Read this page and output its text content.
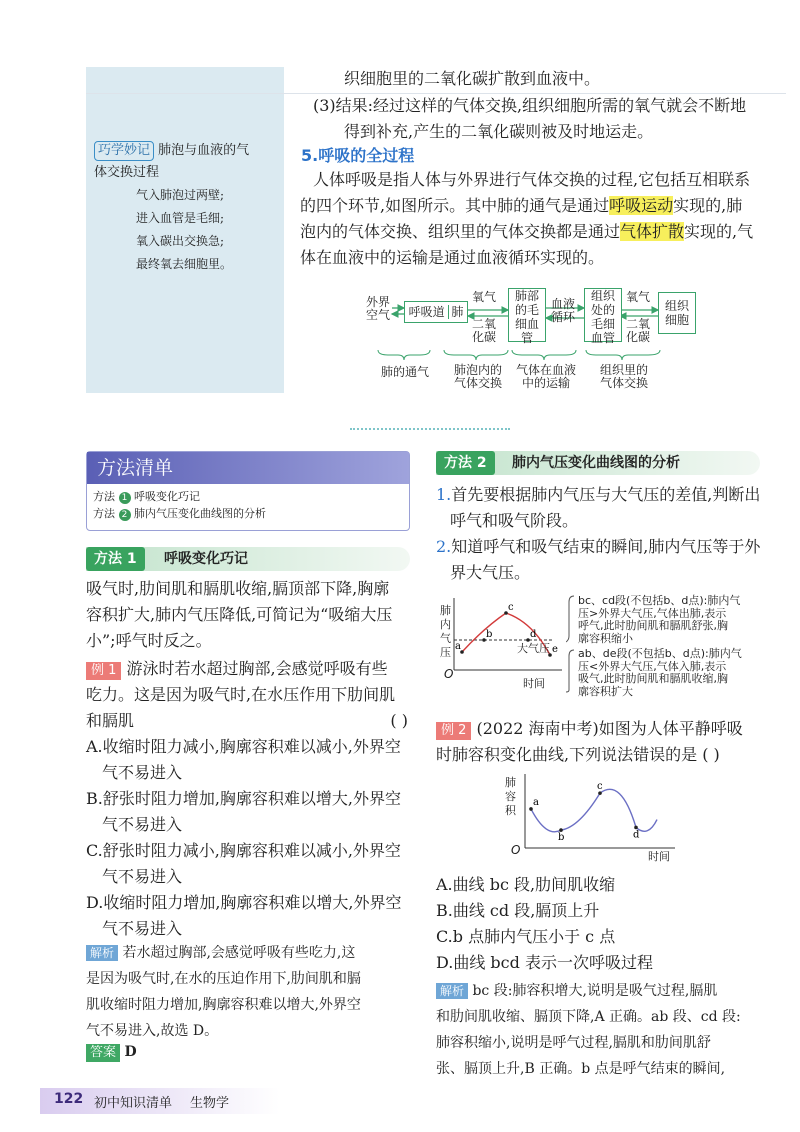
织细胞里的二氧化碳扩散到血液中。
(3)结果:经过这样的气体交换,组织细胞所需的氧气就会不断地
得到补充,产生的二氧化碳则被及时地运走。
巧学妙记 肺泡与血液的气
体交换过程
气入肺泡过两壁;
进入血管是毛细;
氧入碳出交换急;
最终氧去细胞里。
5.呼吸的全过程
人体呼吸是指人体与外界进行气体交换的过程,它包括互相联系
的四个环节,如图所示。其中肺的通气是通过呼吸运动实现的,肺
泡内的气体交换、组织里的气体交换都是通过气体扩散实现的,气
体在血液中的运输是通过血液循环实现的。
外界
空气	呼吸道 肺
氧气
二氧
化碳
肺部
的毛
细血
管
血液
循环
组织
处的
毛细
血管
氧气
二氧
化碳
组织
细胞
肺的通气	肺泡内的
气体交换
气体在血液
中的运输
组织里的
气体交换
方法清单
方法 1 呼吸变化巧记
方法 2 肺内气压变化曲线图的分析
方法 1	呼吸变化巧记
吸气时,肋间肌和膈肌收缩,膈顶部下降,胸廓
容积扩大,肺内气压降低,可简记为“吸缩大压
小”;呼气时反之。
例 1 游泳时若水超过胸部,会感觉呼吸有些
吃力。这是因为吸气时,在水压作用下肋间肌
和膈肌	( )
A.收缩时阻力减小,胸廓容积难以减小,外界空
气不易进入
B.舒张时阻力增加,胸廓容积难以增大,外界空
气不易进入
C.舒张时阻力减小,胸廓容积难以减小,外界空
气不易进入
D.收缩时阻力增加,胸廓容积难以增大,外界空
气不易进入
解析 若水超过胸部,会感觉呼吸有些吃力,这
是因为吸气时,在水的压迫作用下,肋间肌和膈
肌收缩时阻力增加,胸廓容积难以增大,外界空
气不易进入,故选 D。
答案 D
方法 2	肺内气压变化曲线图的分析
1.首先要根据肺内气压与大气压的差值,判断出
呼气和吸气阶段。
2.知道呼气和吸气结束的瞬间,肺内气压等于外
界大气压。
a
b
c
d
e
肺内气压
O
时间
大气压
bc、cd段(不包括b、d点):肺内气
压>外界大气压,气体出肺,表示
呼气,此时肋间肌和膈肌舒张,胸
廓容积缩小
ab、de段(不包括b、d点):肺内气
压<外界大气压,气体入肺,表示
吸气,此时肋间肌和膈肌收缩,胸
廓容积扩大
例 2 (2022 海南中考)如图为人体平静呼吸
时肺容积变化曲线,下列说法错误的是 ( )
a
b
c
d
肺容积
O	时间
A.曲线 bc 段,肋间肌收缩
B.曲线 cd 段,膈顶上升
C.b 点肺内气压小于 c 点
D.曲线 bcd 表示一次呼吸过程
解析 bc 段:肺容积增大,说明是吸气过程,膈肌
和肋间肌收缩、膈顶下降,A 正确。ab 段、cd 段:
肺容积缩小,说明是呼气过程,膈肌和肋间肌舒
张、膈顶上升,B 正确。b 点是呼气结束的瞬间,
122 初中知识清单 生物学
